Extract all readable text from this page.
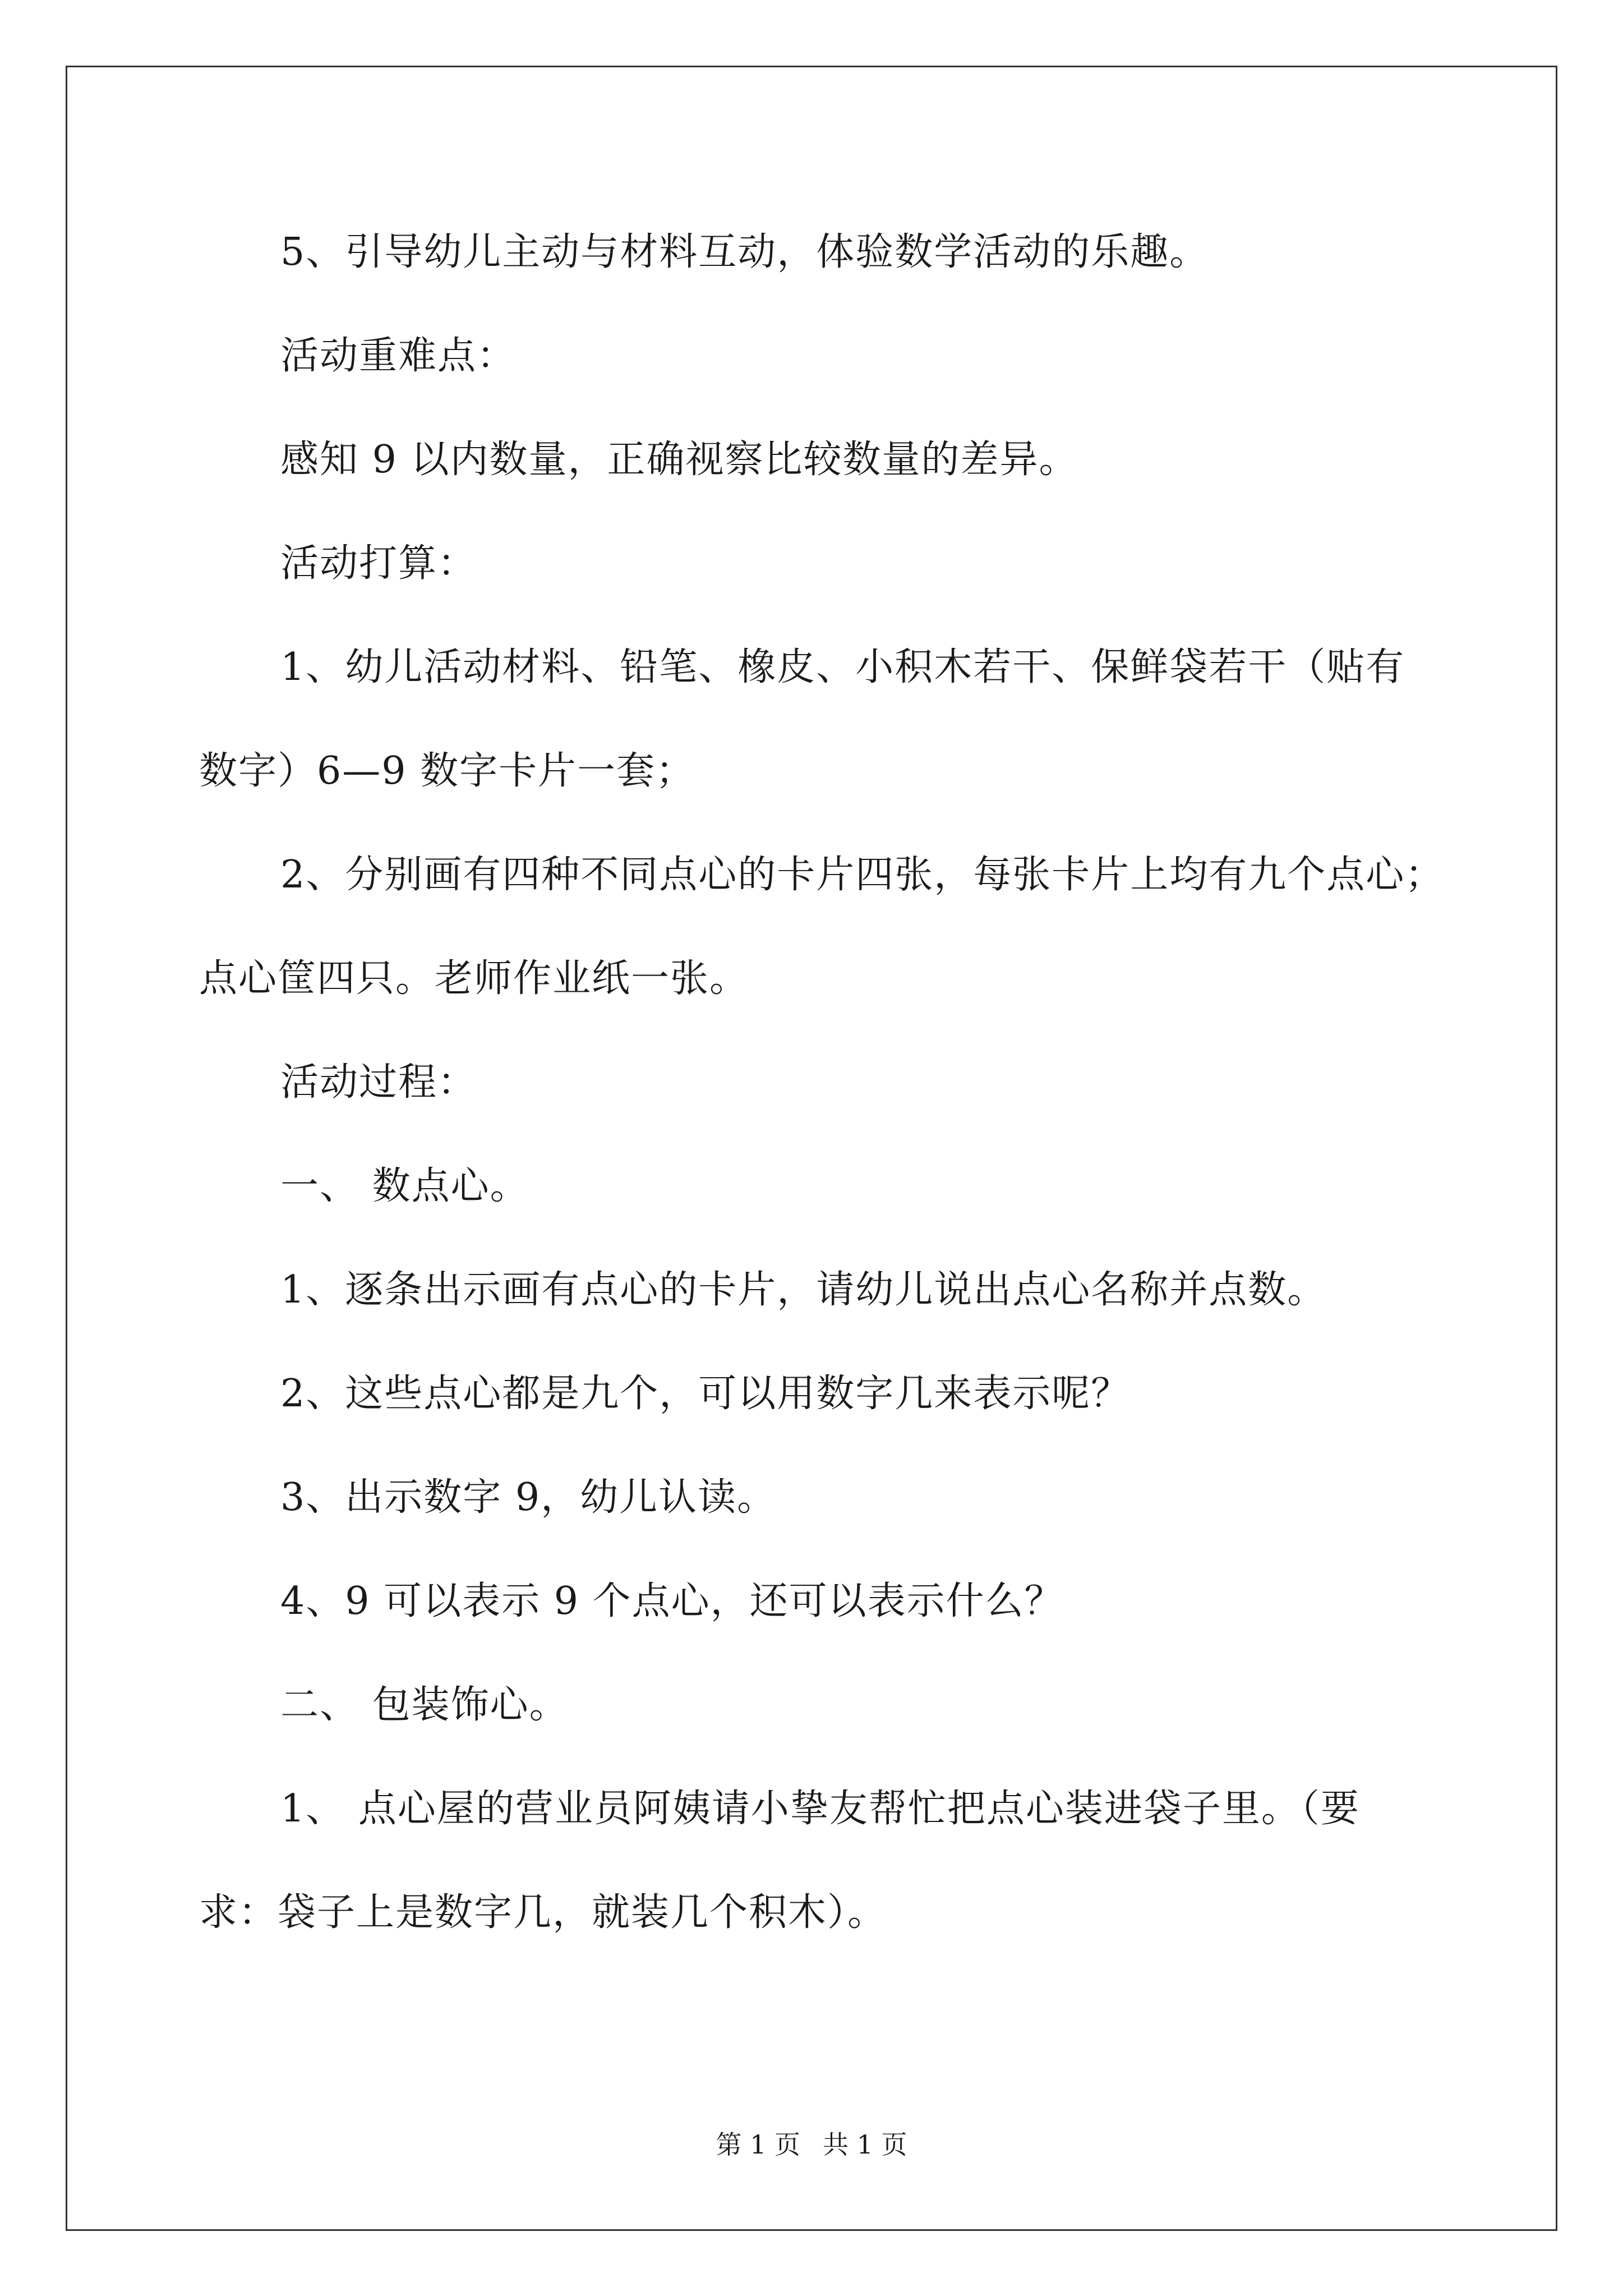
5、引导幼儿主动与材料互动，体验数学活动的乐趣。

活动重难点：

感知 9 以内数量，正确视察比较数量的差异。

活动打算：

1、幼儿活动材料、铅笔、橡皮、小积木若干、保鲜袋若干（贴有

数字）6—9 数字卡片一套；

2、分别画有四种不同点心的卡片四张，每张卡片上均有九个点心；

点心筐四只。老师作业纸一张。

活动过程：

一、 数点心。

1、逐条出示画有点心的卡片，请幼儿说出点心名称并点数。

2、这些点心都是九个，可以用数字几来表示呢？

3、出示数字 9，幼儿认读。

4、9 可以表示 9 个点心，还可以表示什么？

二、 包装饰心。

1、 点心屋的营业员阿姨请小挚友帮忙把点心装进袋子里。（要

求：袋子上是数字几，就装几个积木）。

第 1 页 共 1 页
